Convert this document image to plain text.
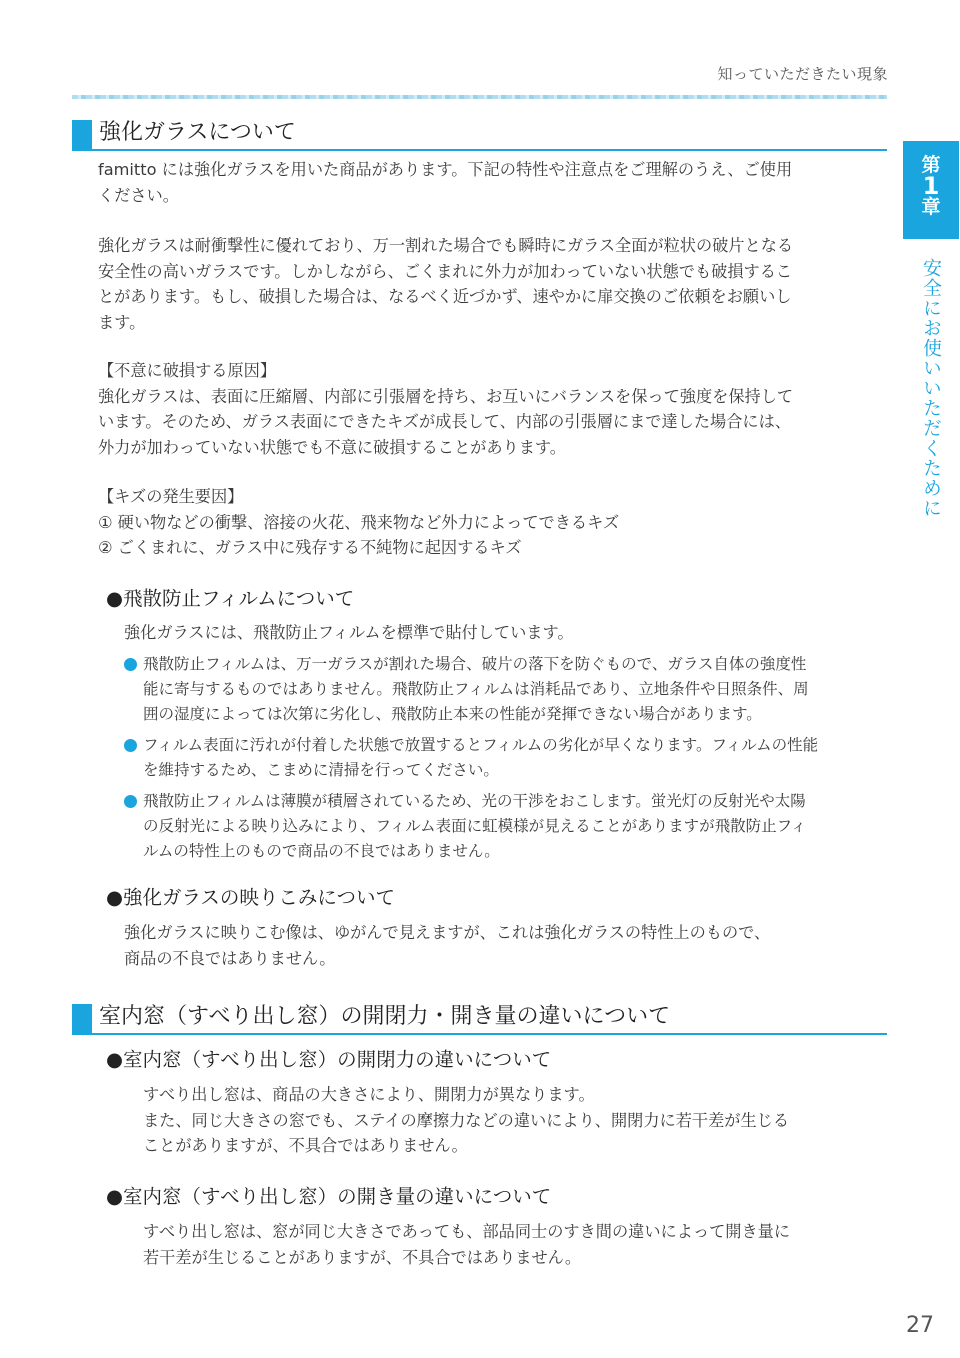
知っていただきたい現象
第
1
章
安全にお使いいただくために
強化ガラスについて
famitto には強化ガラスを用いた商品があります。下記の特性や注意点をご理解のうえ、ご使用
ください。
強化ガラスは耐衝撃性に優れており、万一割れた場合でも瞬時にガラス全面が粒状の破片となる
安全性の高いガラスです。しかしながら、ごくまれに外力が加わっていない状態でも破損するこ
とがあります。もし、破損した場合は、なるべく近づかず、速やかに扉交換のご依頼をお願いし
ます。
【不意に破損する原因】
強化ガラスは、表面に圧縮層、内部に引張層を持ち、お互いにバランスを保って強度を保持して
います。そのため、ガラス表面にできたキズが成長して、内部の引張層にまで達した場合には、
外力が加わっていない状態でも不意に破損することがあります。
【キズの発生要因】
① 硬い物などの衝撃、溶接の火花、飛来物など外力によってできるキズ
② ごくまれに、ガラス中に残存する不純物に起因するキズ
●飛散防止フィルムについて
強化ガラスには、飛散防止フィルムを標準で貼付しています。
飛散防止フィルムは、万一ガラスが割れた場合、破片の落下を防ぐもので、ガラス自体の強度性
能に寄与するものではありません。飛散防止フィルムは消耗品であり、立地条件や日照条件、周
囲の湿度によっては次第に劣化し、飛散防止本来の性能が発揮できない場合があります。
フィルム表面に汚れが付着した状態で放置するとフィルムの劣化が早くなります。フィルムの性能
を維持するため、こまめに清掃を行ってください。
飛散防止フィルムは薄膜が積層されているため、光の干渉をおこします。蛍光灯の反射光や太陽
の反射光による映り込みにより、フィルム表面に虹模様が見えることがありますが飛散防止フィ
ルムの特性上のもので商品の不良ではありません。
●強化ガラスの映りこみについて
強化ガラスに映りこむ像は、ゆがんで見えますが、これは強化ガラスの特性上のもので、
商品の不良ではありません。
室内窓（すべり出し窓）の開閉力・開き量の違いについて
●室内窓（すべり出し窓）の開閉力の違いについて
すべり出し窓は、商品の大きさにより、開閉力が異なります。
また、同じ大きさの窓でも、ステイの摩擦力などの違いにより、開閉力に若干差が生じる
ことがありますが、不具合ではありません。
●室内窓（すべり出し窓）の開き量の違いについて
すべり出し窓は、窓が同じ大きさであっても、部品同士のすき間の違いによって開き量に
若干差が生じることがありますが、不具合ではありません。
27
